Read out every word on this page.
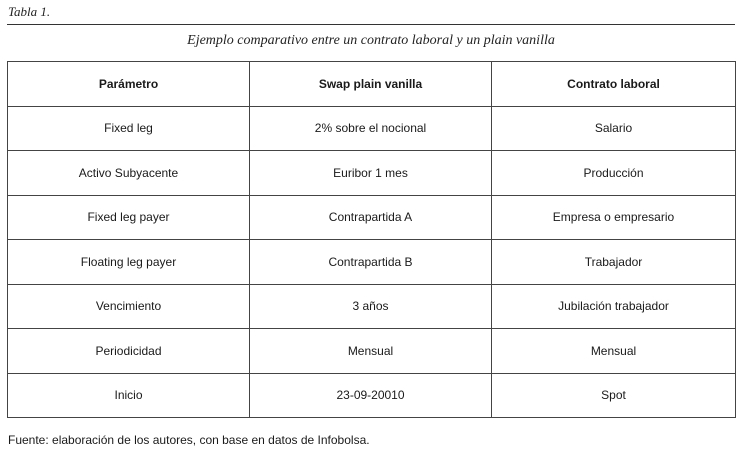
Tabla 1.
Ejemplo comparativo entre un contrato laboral y un plain vanilla
Parámetro	Swap plain vanilla	Contrato laboral
Fixed leg	2% sobre el nocional	Salario
Activo Subyacente	Euribor 1 mes	Producción
Fixed leg payer	Contrapartida A	Empresa o empresario
Floating leg payer	Contrapartida B	Trabajador
Vencimiento	3 años	Jubilación trabajador
Periodicidad	Mensual	Mensual
Inicio	23-09-20010	Spot
Fuente: elaboración de los autores, con base en datos de Infobolsa.
